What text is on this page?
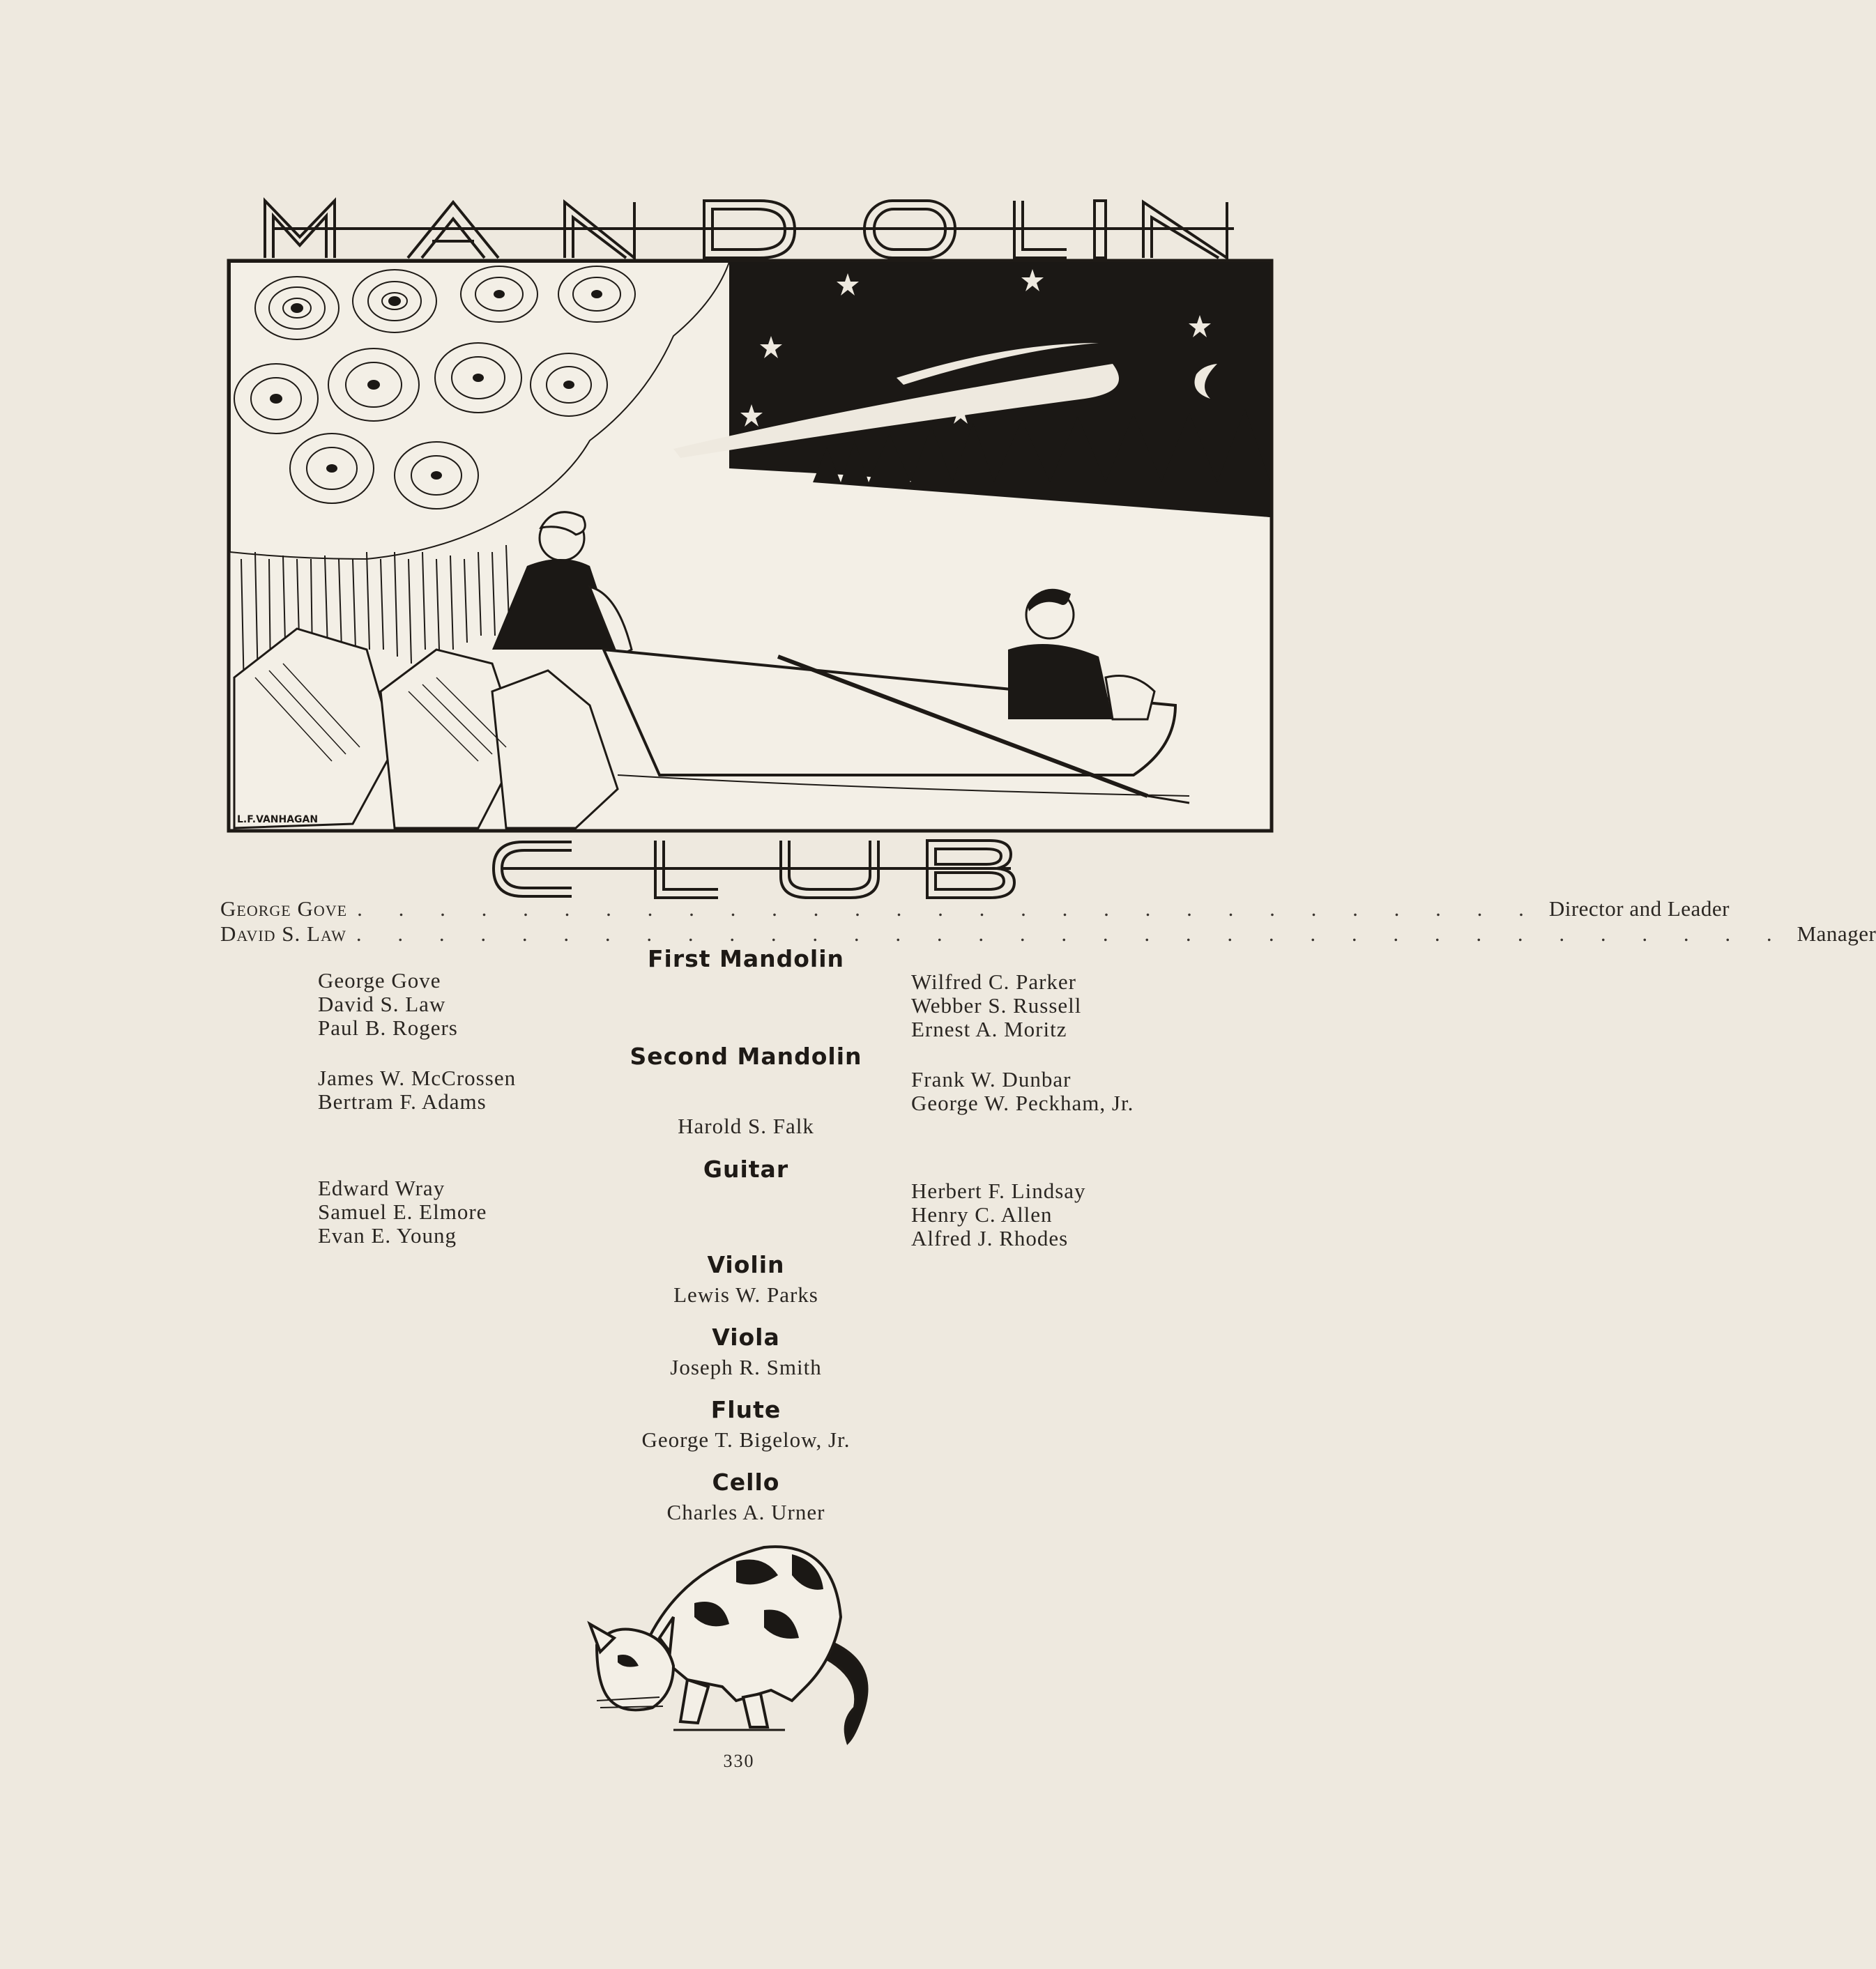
L.F.VANHAGAN
George Gove . . . . . . . . . . . . . . . . . . . . . . . . . . . . . Director and Leader
David S. Law . . . . . . . . . . . . . . . . . . . . . . . . . . . . . . . . . . . Manager
First Mandolin
George Gove
David S. Law
Paul B. Rogers
Wilfred C. Parker
Webber S. Russell
Ernest A. Moritz
Second Mandolin
James W. McCrossen
Bertram F. Adams
Frank W. Dunbar
George W. Peckham, Jr.
Harold S. Falk
Guitar
Edward Wray
Samuel E. Elmore
Evan E. Young
Herbert F. Lindsay
Henry C. Allen
Alfred J. Rhodes
Violin
Lewis W. Parks
Viola
Joseph R. Smith
Flute
George T. Bigelow, Jr.
Cello
Charles A. Urner
330
